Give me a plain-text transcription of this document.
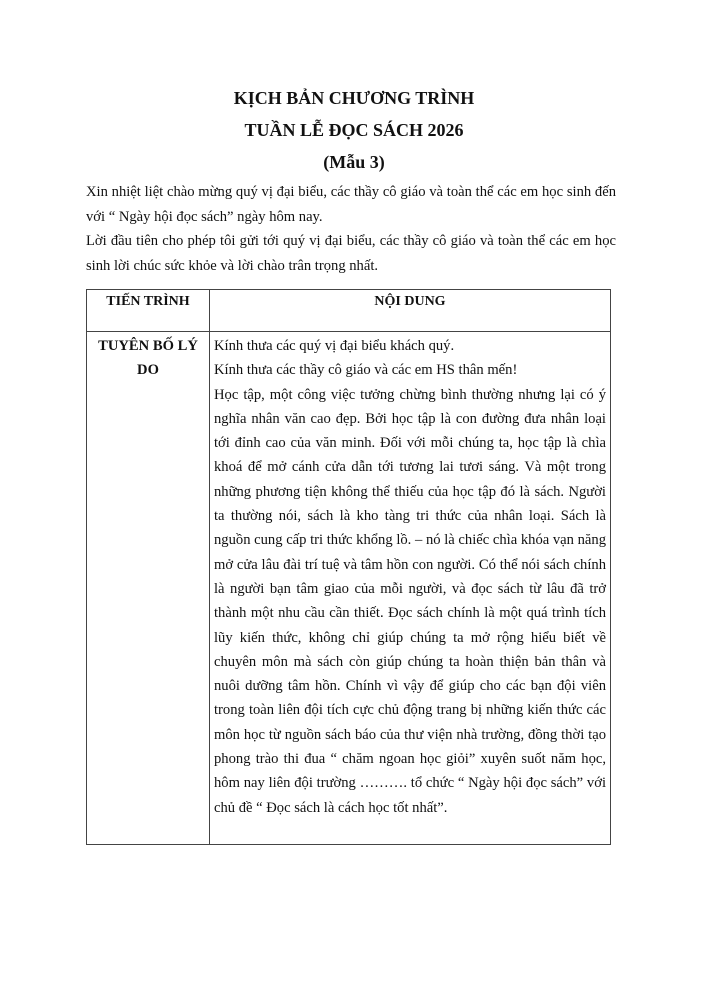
KỊCH BẢN CHƯƠNG TRÌNH
TUẦN LỄ ĐỌC SÁCH 2026
(Mẫu 3)
Xin nhiệt liệt chào mừng quý vị đại biểu, các thầy cô giáo và toàn thể các em học sinh đến với “ Ngày hội đọc sách” ngày hôm nay.
Lời đầu tiên cho phép tôi gửi tới quý vị đại biểu, các thầy cô giáo và toàn thể các em học sinh lời chúc sức khỏe và lời chào trân trọng nhất.
TIẾN TRÌNH	NỘI DUNG
TUYÊN BỐ LÝ DO	Kính thưa các quý vị đại biểu khách quý.

Kính thưa các thầy cô giáo và các em HS thân mến!

Học tập, một công việc tưởng chừng bình thường nhưng lại có ý nghĩa nhân văn cao đẹp. Bởi học tập là con đường đưa nhân loại tới đỉnh cao của văn minh. Đối với mỗi chúng ta, học tập là chìa khoá để mở cánh cửa dẫn tới tương lai tươi sáng. Và một trong những phương tiện không thể thiếu của học tập đó là sách. Người ta thường nói, sách là kho tàng tri thức của nhân loại. Sách là nguồn cung cấp tri thức khổng lồ. – nó là chiếc chìa khóa vạn năng mở cửa lâu đài trí tuệ và tâm hồn con người. Có thể nói sách chính là người bạn tâm giao của mỗi người, và đọc sách từ lâu đã trở thành một nhu cầu cần thiết. Đọc sách chính là một quá trình tích lũy kiến thức, không chỉ giúp chúng ta mở rộng hiểu biết về chuyên môn mà sách còn giúp chúng ta hoàn thiện bản thân và nuôi dưỡng tâm hồn. Chính vì vậy để giúp cho các bạn đội viên trong toàn liên đội tích cực chủ động trang bị những kiến thức các môn học từ nguồn sách báo của thư viện nhà trường, đồng thời tạo phong trào thi đua “ chăm ngoan học giỏi” xuyên suốt năm học, hôm nay liên đội trường ………. tổ chức “ Ngày hội đọc sách” với chủ đề “ Đọc sách là cách học tốt nhất”.
